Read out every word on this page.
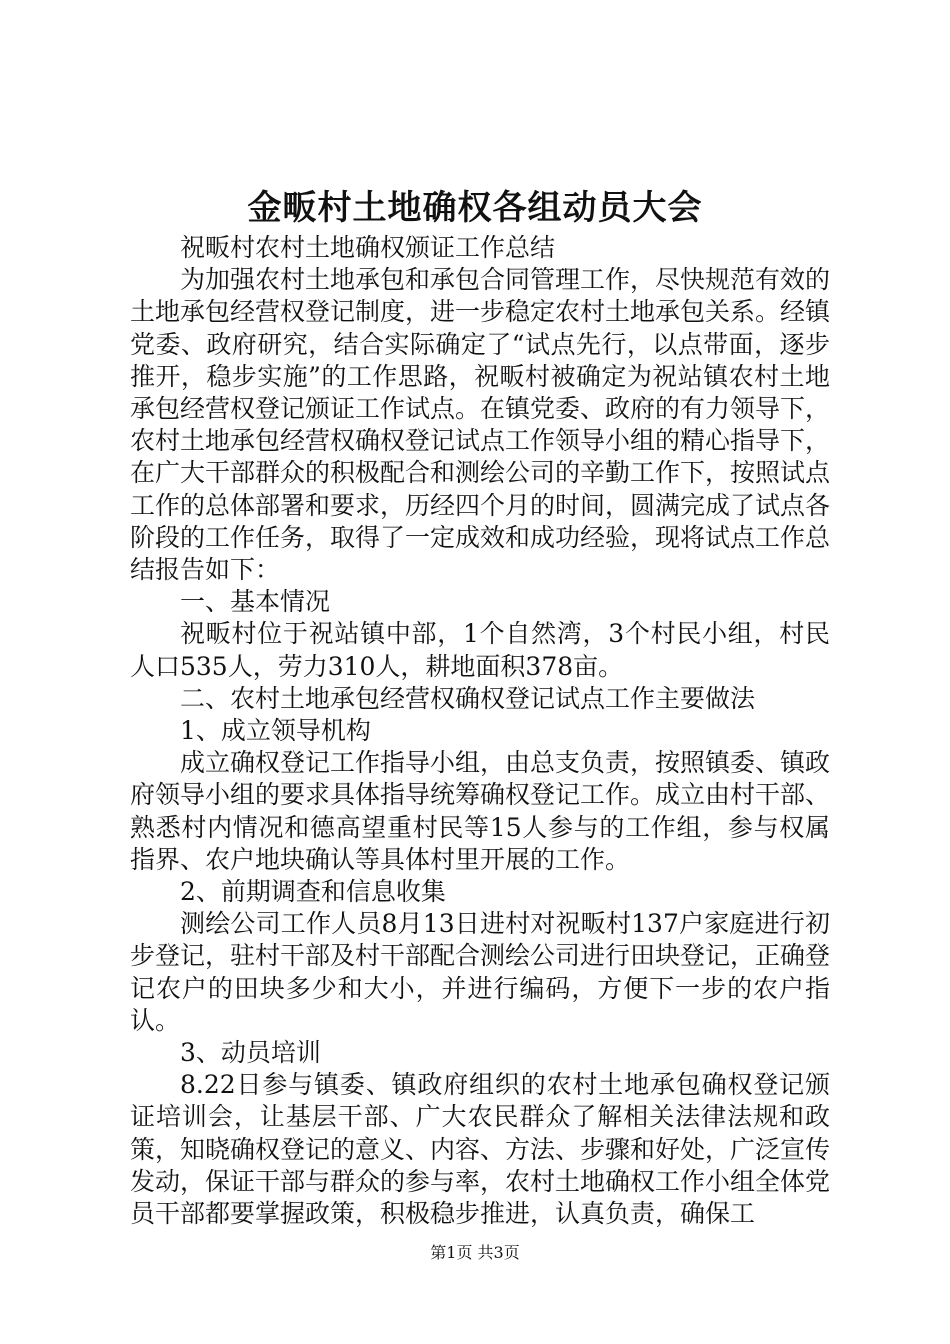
金畈村土地确权各组动员大会

祝畈村农村土地确权颁证工作总结

为加强农村土地承包和承包合同管理工作，尽快规范有效的土地承包经营权登记制度，进一步稳定农村土地承包关系。经镇党委、政府研究，结合实际确定了“试点先行，以点带面，逐步推开，稳步实施”的工作思路，祝畈村被确定为祝站镇农村土地承包经营权登记颁证工作试点。在镇党委、政府的有力领导下，农村土地承包经营权确权登记试点工作领导小组的精心指导下，在广大干部群众的积极配合和测绘公司的辛勤工作下，按照试点工作的总体部署和要求，历经四个月的时间，圆满完成了试点各阶段的工作任务，取得了一定成效和成功经验，现将试点工作总结报告如下：

一、基本情况

祝畈村位于祝站镇中部，1个自然湾，3个村民小组，村民人口535人，劳力310人，耕地面积378亩。

二、农村土地承包经营权确权登记试点工作主要做法

1、成立领导机构

成立确权登记工作指导小组，由总支负责，按照镇委、镇政府领导小组的要求具体指导统筹确权登记工作。成立由村干部、熟悉村内情况和德高望重村民等15人参与的工作组，参与权属指界、农户地块确认等具体村里开展的工作。

2、前期调查和信息收集

测绘公司工作人员8月13日进村对祝畈村137户家庭进行初步登记，驻村干部及村干部配合测绘公司进行田块登记，正确登记农户的田块多少和大小，并进行编码，方便下一步的农户指认。

3、动员培训

8.22日参与镇委、镇政府组织的农村土地承包确权登记颁证培训会，让基层干部、广大农民群众了解相关法律法规和政策，知晓确权登记的意义、内容、方法、步骤和好处，广泛宣传发动，保证干部与群众的参与率，农村土地确权工作小组全体党员干部都要掌握政策，积极稳步推进，认真负责，确保工

第1页 共3页
